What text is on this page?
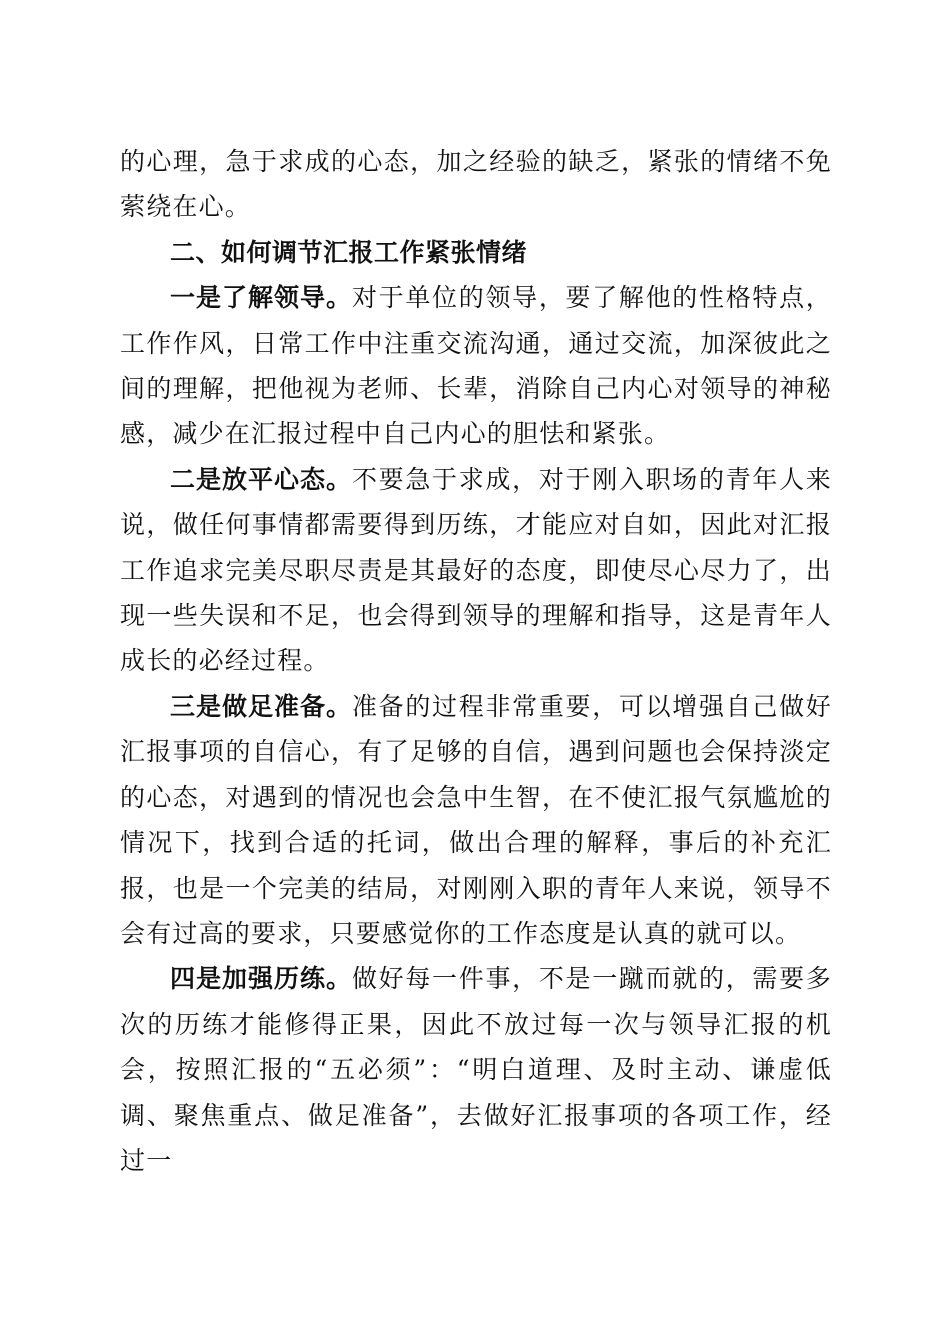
的心理，急于求成的心态，加之经验的缺乏，紧张的情绪不免萦绕在心。

二、如何调节汇报工作紧张情绪

一是了解领导。对于单位的领导，要了解他的性格特点，工作作风，日常工作中注重交流沟通，通过交流，加深彼此之间的理解，把他视为老师、长辈，消除自己内心对领导的神秘感，减少在汇报过程中自己内心的胆怯和紧张。

二是放平心态。不要急于求成，对于刚入职场的青年人来说，做任何事情都需要得到历练，才能应对自如，因此对汇报工作追求完美尽职尽责是其最好的态度，即使尽心尽力了，出现一些失误和不足，也会得到领导的理解和指导，这是青年人成长的必经过程。

三是做足准备。准备的过程非常重要，可以增强自己做好汇报事项的自信心，有了足够的自信，遇到问题也会保持淡定的心态，对遇到的情况也会急中生智，在不使汇报气氛尴尬的情况下，找到合适的托词，做出合理的解释，事后的补充汇报，也是一个完美的结局，对刚刚入职的青年人来说，领导不会有过高的要求，只要感觉你的工作态度是认真的就可以。

四是加强历练。做好每一件事，不是一蹴而就的，需要多次的历练才能修得正果，因此不放过每一次与领导汇报的机会，按照汇报的“五必须”：“明白道理、及时主动、谦虚低调、聚焦重点、做足准备”，去做好汇报事项的各项工作，经过一
